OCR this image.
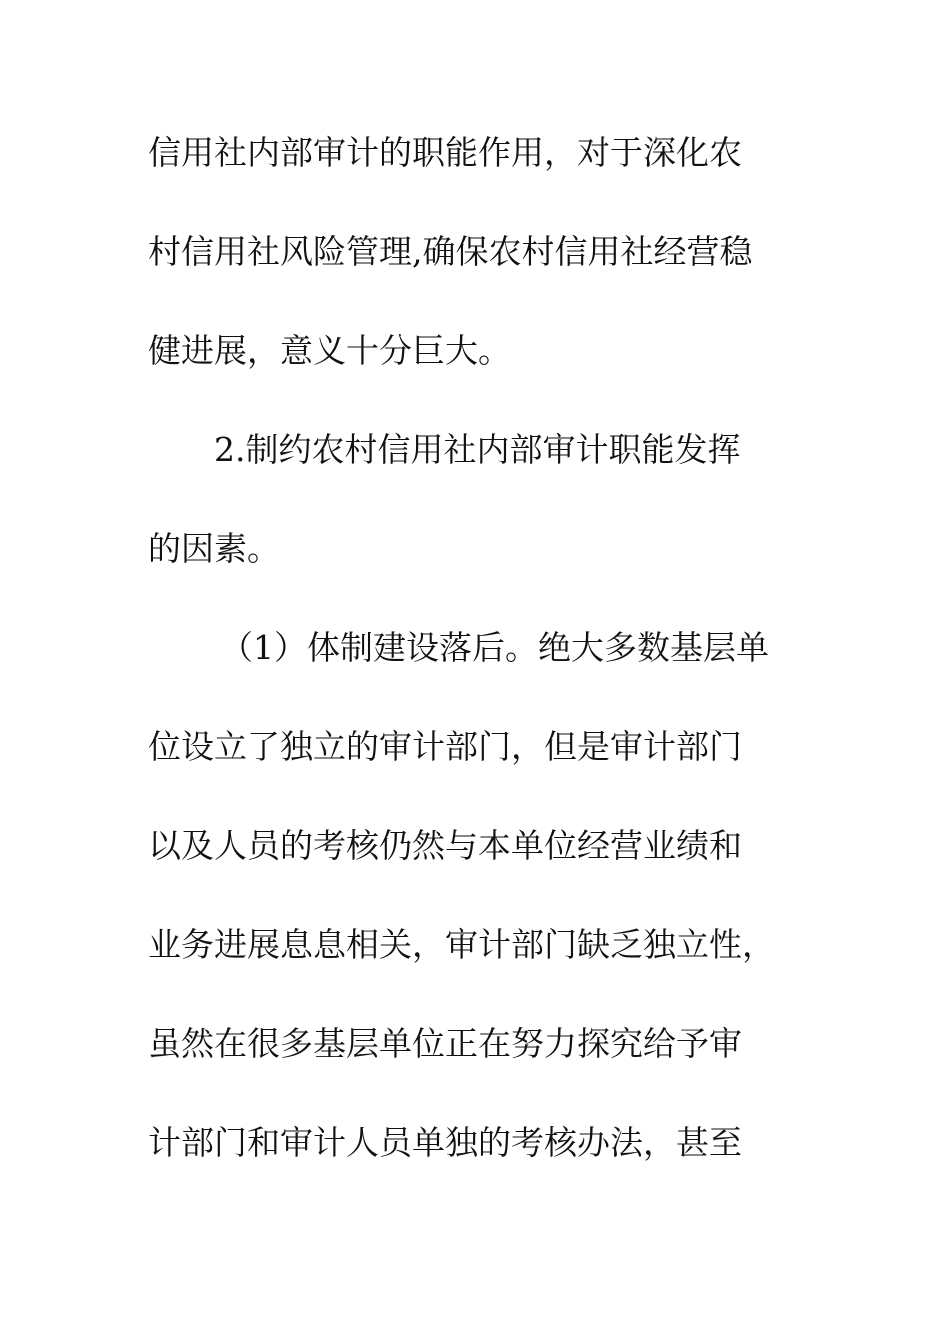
信用社内部审计的职能作用，对于深化农
村信用社风险管理,确保农村信用社经营稳
健进展，意义十分巨大。
2.制约农村信用社内部审计职能发挥
的因素。
（1）体制建设落后。绝大多数基层单
位设立了独立的审计部门，但是审计部门
以及人员的考核仍然与本单位经营业绩和
业务进展息息相关，审计部门缺乏独立性，
虽然在很多基层单位正在努力探究给予审
计部门和审计人员单独的考核办法，甚至
